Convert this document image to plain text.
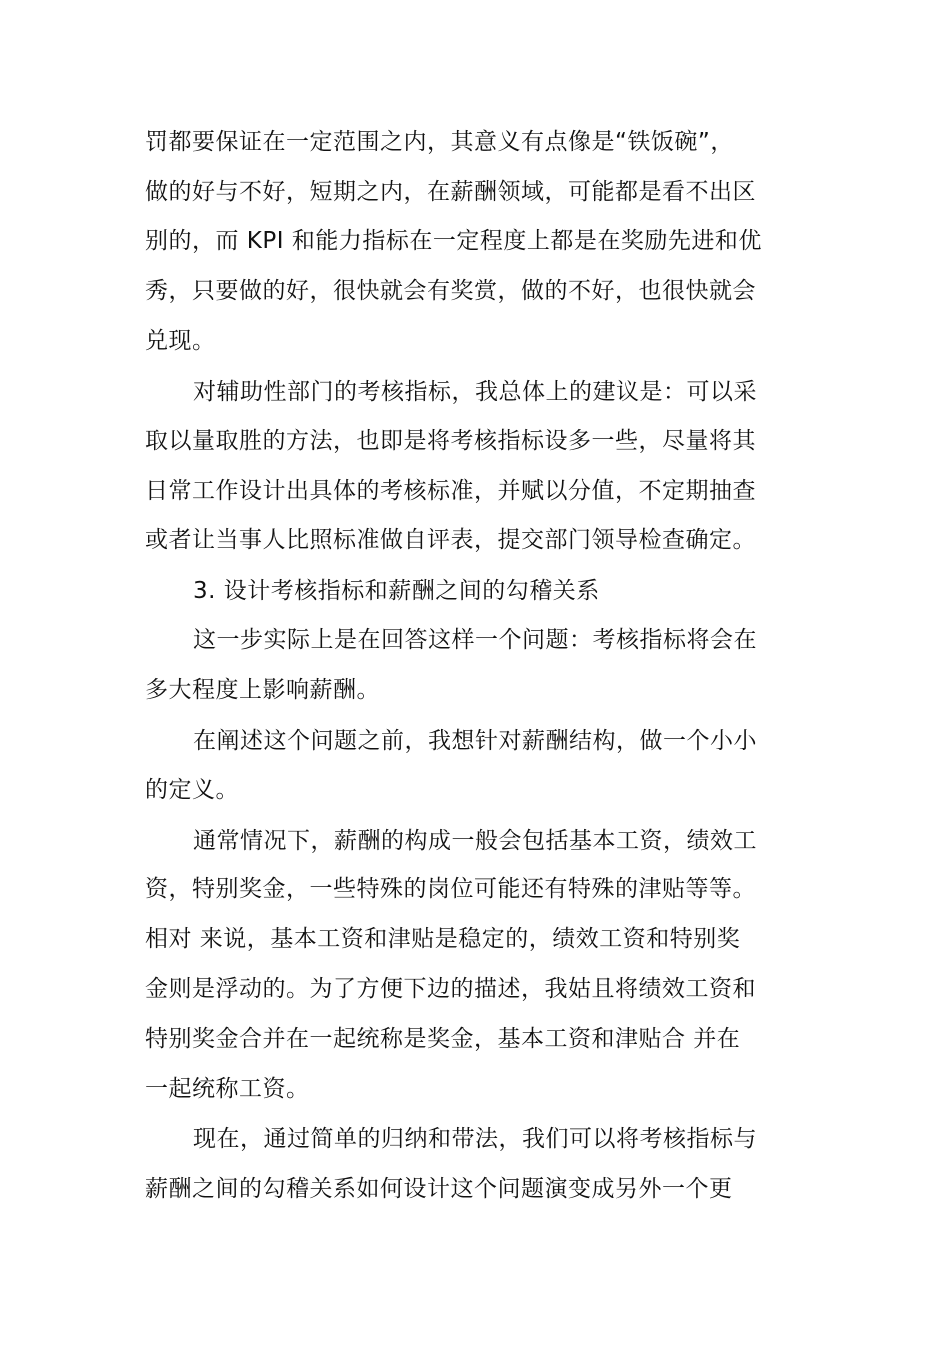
罚都要保证在一定范围之内，其意义有点像是“铁饭碗”，
做的好与不好，短期之内，在薪酬领域，可能都是看不出区
别的，而 KPI 和能力指标在一定程度上都是在奖励先进和优
秀，只要做的好，很快就会有奖赏，做的不好，也很快就会
兑现。
对辅助性部门的考核指标，我总体上的建议是：可以采
取以量取胜的方法，也即是将考核指标设多一些，尽量将其
日常工作设计出具体的考核标准，并赋以分值，不定期抽查
或者让当事人比照标准做自评表，提交部门领导检查确定。
3. 设计考核指标和薪酬之间的勾稽关系
这一步实际上是在回答这样一个问题：考核指标将会在
多大程度上影响薪酬。
在阐述这个问题之前，我想针对薪酬结构，做一个小小
的定义。
通常情况下，薪酬的构成一般会包括基本工资，绩效工
资，特别奖金，一些特殊的岗位可能还有特殊的津贴等等。
相对 来说，基本工资和津贴是稳定的，绩效工资和特别奖
金则是浮动的。为了方便下边的描述，我姑且将绩效工资和
特别奖金合并在一起统称是奖金，基本工资和津贴合 并在
一起统称工资。
现在，通过简单的归纳和带法，我们可以将考核指标与
薪酬之间的勾稽关系如何设计这个问题演变成另外一个更
